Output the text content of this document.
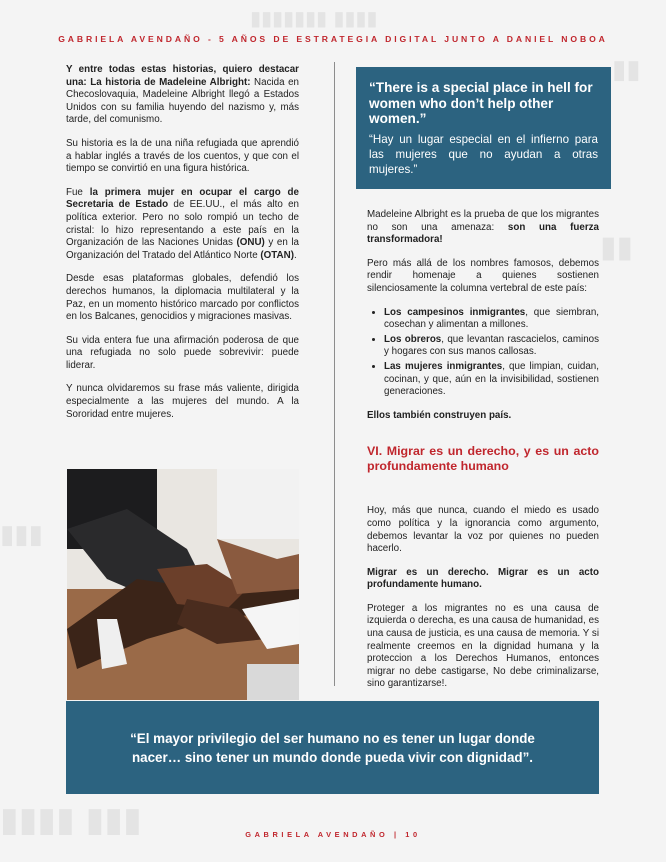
▮▮▮▮▮▮▮ ▮▮▮▮
▮▮
▮▮▮
▮▮
▮▮▮▮ ▮▮▮
GABRIELA AVENDAÑO - 5 AÑOS DE ESTRATEGIA DIGITAL JUNTO A DANIEL NOBOA

Y entre todas estas historias, quiero destacar una: La historia de Madeleine Albright: Nacida en Checoslovaquia, Madeleine Albright llegó a Estados Unidos con su familia huyendo del nazismo y, más tarde, del comunismo.

Su historia es la de una niña refugiada que aprendió a hablar inglés a través de los cuentos, y que con el tiempo se convirtió en una figura histórica.

Fue la primera mujer en ocupar el cargo de Secretaria de Estado de EE.UU., el más alto en política exterior. Pero no solo rompió un techo de cristal: lo hizo representando a este país en la Organización de las Naciones Unidas (ONU) y en la Organización del Tratado del Atlántico Norte (OTAN).

Desde esas plataformas globales, defendió los derechos humanos, la diplomacia multilateral y la Paz, en un momento histórico marcado por conflictos en los Balcanes, genocidios y migraciones masivas.

Su vida entera fue una afirmación poderosa de que una refugiada no solo puede sobrevivir: puede liderar.

Y nunca olvidaremos su frase más valiente, dirigida especialmente a las mujeres del mundo. A la Sororidad entre mujeres.

“There is a special place in hell for women who don’t help other women.”
“Hay un lugar especial en el infierno para las mujeres que no ayudan a otras mujeres.”

Madeleine Albright es la prueba de que los migrantes no son una amenaza: son una fuerza transformadora!

Pero más allá de los nombres famosos, debemos rendir homenaje a quienes sostienen silenciosamente la columna vertebral de este país:

• Los campesinos inmigrantes, que siembran, cosechan y alimentan a millones.
• Los obreros, que levantan rascacielos, caminos y hogares con sus manos callosas.
• Las mujeres inmigrantes, que limpian, cuidan, cocinan, y que, aún en la invisibilidad, sostienen generaciones.

Ellos también construyen país.

VI. Migrar es un derecho, y es un acto profundamente humano

Hoy, más que nunca, cuando el miedo es usado como política y la ignorancia como argumento, debemos levantar la voz por quienes no pueden hacerlo.

Migrar es un derecho. Migrar es un acto profundamente humano.

Proteger a los migrantes no es una causa de izquierda o derecha, es una causa de humanidad, es una causa de justicia, es una causa de memoria. Y si realmente creemos en la dignidad humana y la proteccion a los Derechos Humanos, entonces migrar no debe castigarse, No debe criminalizarse, sino garantizarse!.

“El mayor privilegio del ser humano no es tener un lugar donde nacer… sino tener un mundo donde pueda vivir con dignidad”.
GABRIELA AVENDAÑO | 10
